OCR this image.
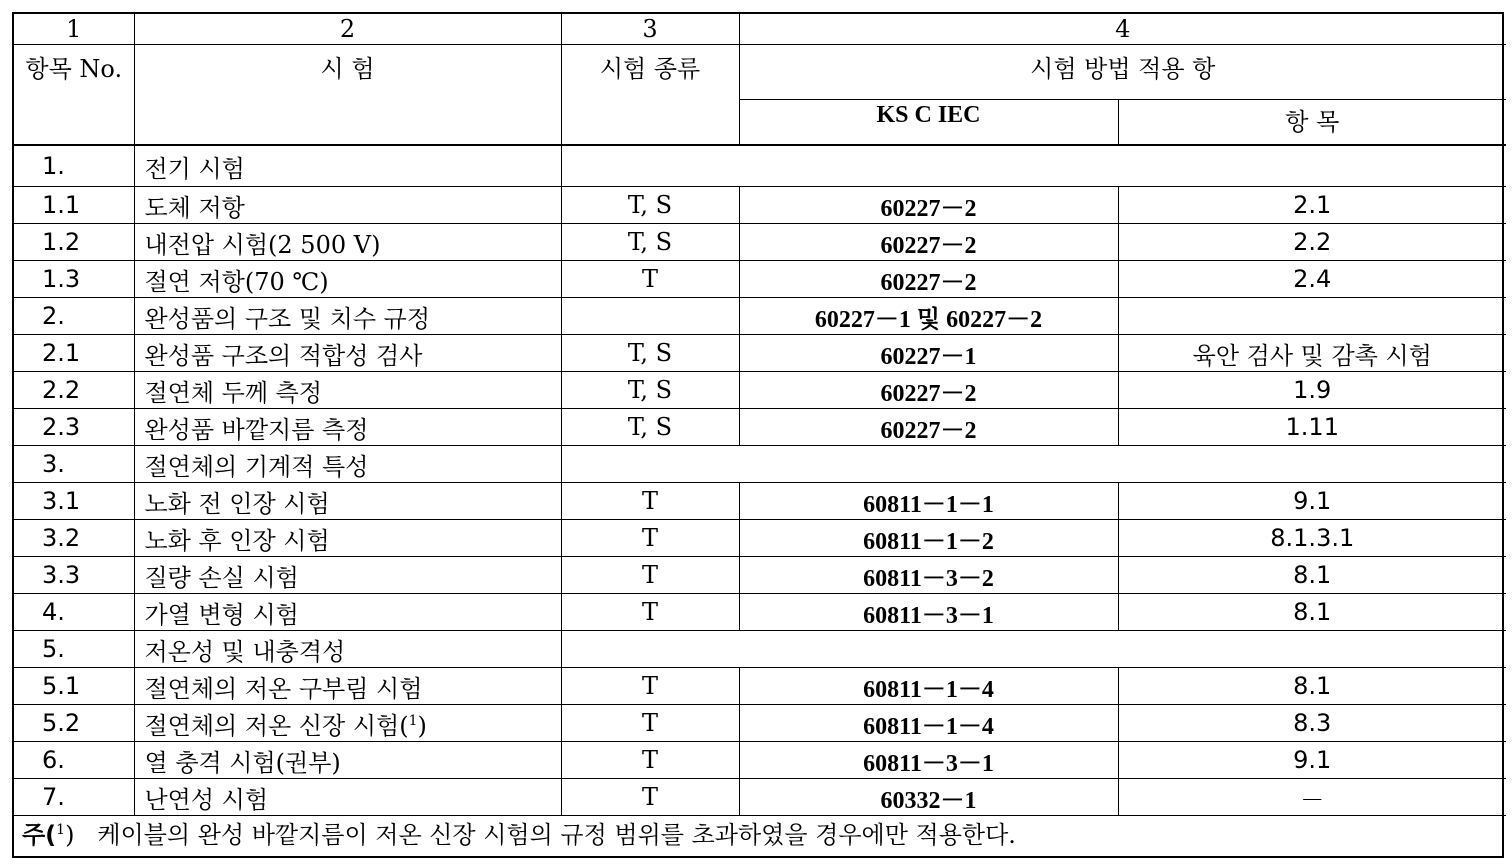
1	2	3	4	
항목 No.	시 험	시험 종류	시험 방법 적용 항	
			KS C IEC	항 목
1.	전기 시험			
1.1	도체 저항	T, S	60227－2	2.1
1.2	내전압 시험(2 500 V)	T, S	60227－2	2.2
1.3	절연 저항(70 ℃)	T	60227－2	2.4
2.	완성품의 구조 및 치수 규정		60227－1 및 60227－2	
2.1	완성품 구조의 적합성 검사	T, S	60227－1	육안 검사 및 감촉 시험
2.2	절연체 두께 측정	T, S	60227－2	1.9
2.3	완성품 바깥지름 측정	T, S	60227－2	1.11
3.	절연체의 기계적 특성			
3.1	노화 전 인장 시험	T	60811－1－1	9.1
3.2	노화 후 인장 시험	T	60811－1－2	8.1.3.1
3.3	질량 손실 시험	T	60811－3－2	8.1
4.	가열 변형 시험	T	60811－3－1	8.1
5.	저온성 및 내충격성			
5.1	절연체의 저온 구부림 시험	T	60811－1－4	8.1
5.2	절연체의 저온 신장 시험($^1$)	T	60811－1－4	8.3
6.	열 충격 시험(권부)	T	60811－3－1	9.1
7.	난연성 시험	T	60332－1	－
주($^1$) 케이블의 완성 바깥지름이 저온 신장 시험의 규정 범위를 초과하였을 경우에만 적용한다.
